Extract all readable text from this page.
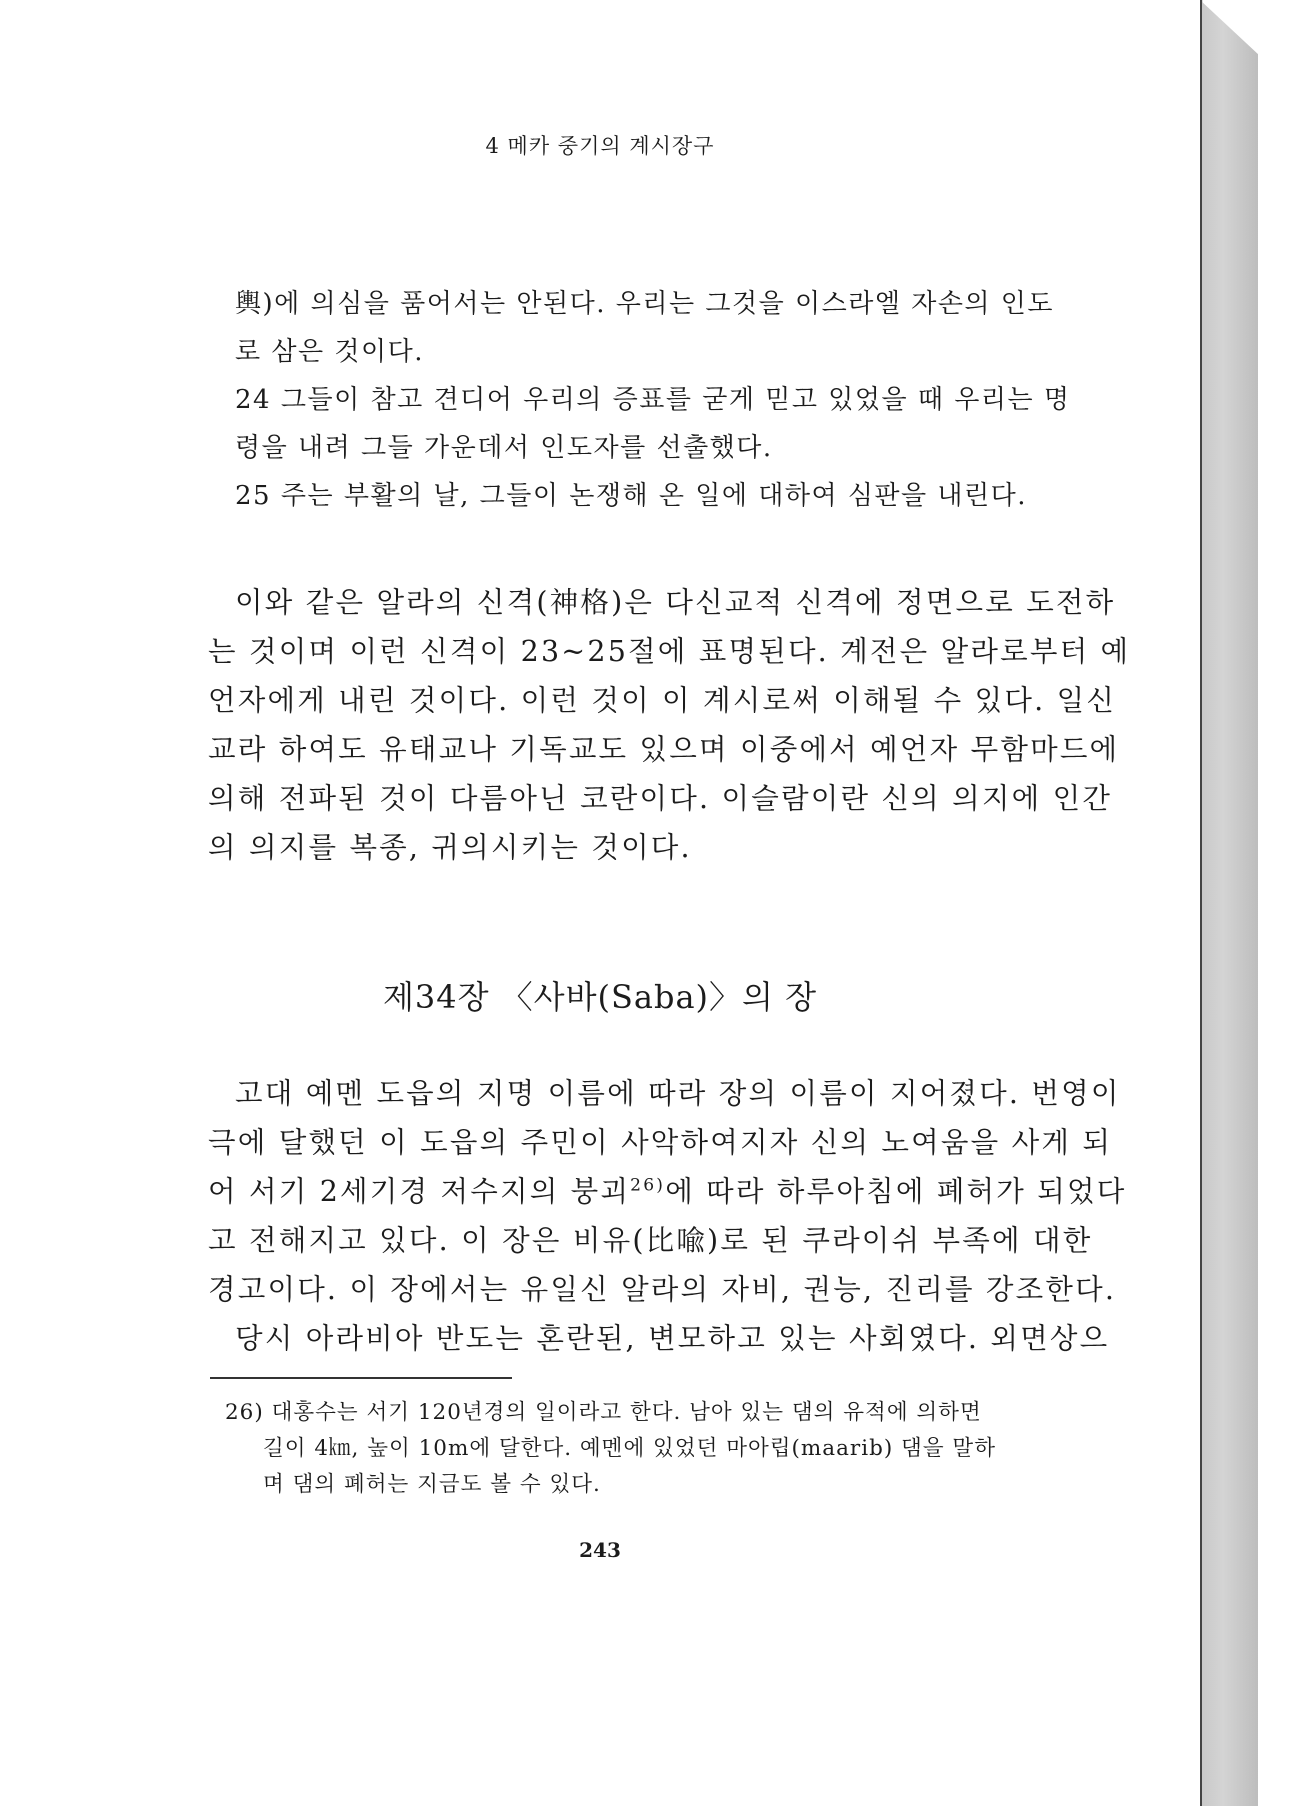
4 메카 중기의 계시장구
輿)에 의심을 품어서는 안된다. 우리는 그것을 이스라엘 자손의 인도
로 삼은 것이다.
24 그들이 참고 견디어 우리의 증표를 굳게 믿고 있었을 때 우리는 명
령을 내려 그들 가운데서 인도자를 선출했다.
25 주는 부활의 날, 그들이 논쟁해 온 일에 대하여 심판을 내린다.
이와 같은 알라의 신격(神格)은 다신교적 신격에 정면으로 도전하
는 것이며 이런 신격이 23~25절에 표명된다. 계전은 알라로부터 예
언자에게 내린 것이다. 이런 것이 이 계시로써 이해될 수 있다. 일신
교라 하여도 유태교나 기독교도 있으며 이중에서 예언자 무함마드에
의해 전파된 것이 다름아닌 코란이다. 이슬람이란 신의 의지에 인간
의 의지를 복종, 귀의시키는 것이다.
제34장 〈사바(Saba)〉의 장
고대 예멘 도읍의 지명 이름에 따라 장의 이름이 지어졌다. 번영이
극에 달했던 이 도읍의 주민이 사악하여지자 신의 노여움을 사게 되
어 서기 2세기경 저수지의 붕괴$^{26)}$에 따라 하루아침에 폐허가 되었다
고 전해지고 있다. 이 장은 비유(比喩)로 된 쿠라이쉬 부족에 대한
경고이다. 이 장에서는 유일신 알라의 자비, 권능, 진리를 강조한다.
당시 아라비아 반도는 혼란된, 변모하고 있는 사회였다. 외면상으
26) 대홍수는 서기 120년경의 일이라고 한다. 남아 있는 댐의 유적에 의하면
길이 4㎞, 높이 10m에 달한다. 예멘에 있었던 마아립(maarib) 댐을 말하
며 댐의 폐허는 지금도 볼 수 있다.
243
